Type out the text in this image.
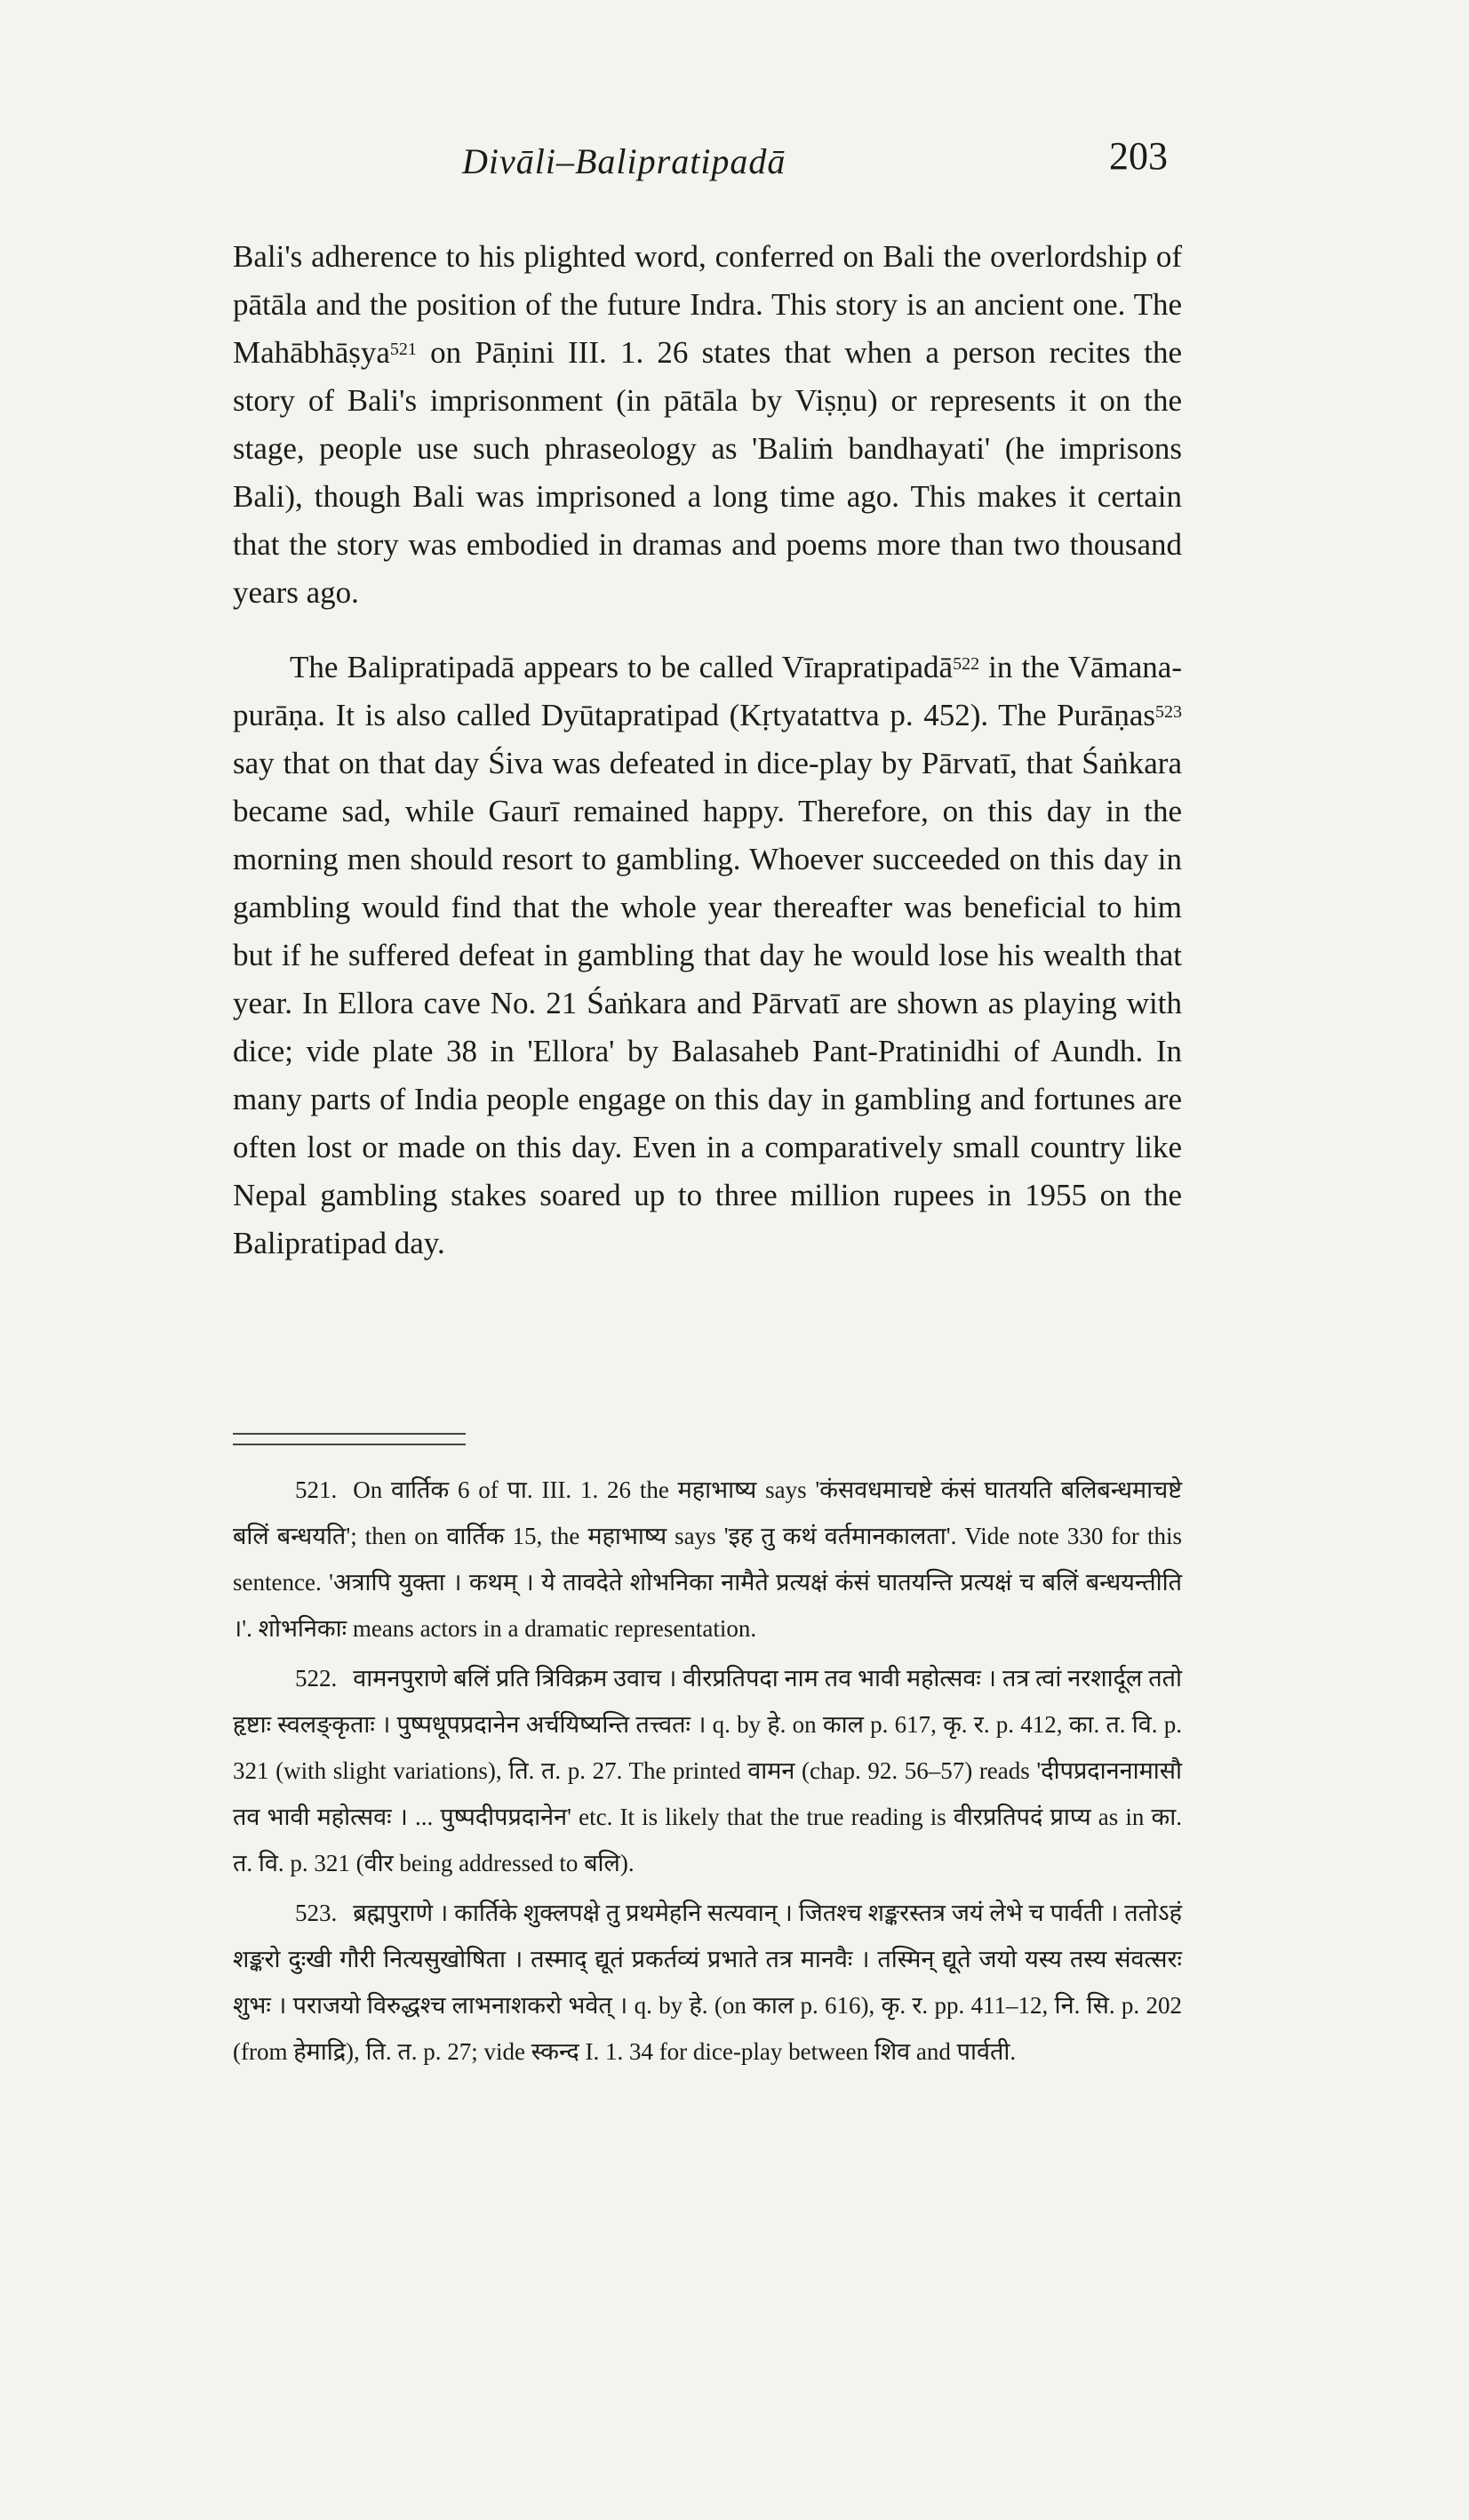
Divāli–Balipratipadā	203

Bali's adherence to his plighted word, conferred on Bali the overlordship of pātāla and the position of the future Indra. This story is an ancient one. The Mahābhāṣya$^{521}$ on Pāṇini III. 1. 26 states that when a person recites the story of Bali's imprisonment (in pātāla by Viṣṇu) or represents it on the stage, people use such phraseology as 'Baliṁ bandhayati' (he imprisons Bali), though Bali was imprisoned a long time ago. This makes it certain that the story was embodied in dramas and poems more than two thousand years ago.

The Balipratipadā appears to be called Vīrapratipadā$^{522}$ in the Vāmana-purāṇa. It is also called Dyūtapratipad (Kṛtyatattva p. 452). The Purāṇas$^{523}$ say that on that day Śiva was defeated in dice-play by Pārvatī, that Śaṅkara became sad, while Gaurī remained happy. Therefore, on this day in the morning men should resort to gambling. Whoever succeeded on this day in gambling would find that the whole year thereafter was beneficial to him but if he suffered defeat in gambling that day he would lose his wealth that year. In Ellora cave No. 21 Śaṅkara and Pārvatī are shown as playing with dice; vide plate 38 in 'Ellora' by Balasaheb Pant-Pratinidhi of Aundh. In many parts of India people engage on this day in gambling and fortunes are often lost or made on this day. Even in a comparatively small country like Nepal gambling stakes soared up to three million rupees in 1955 on the Balipratipad day.

521. On वार्तिक 6 of पा. III. 1. 26 the महाभाष्य says 'कंसवधमाचष्टे कंसं घातयति बलिबन्धमाचष्टे बलिं बन्धयति'; then on वार्तिक 15, the महाभाष्य says 'इह तु कथं वर्तमानकालता'. Vide note 330 for this sentence. 'अत्रापि युक्ता । कथम् । ये तावदेते शोभनिका नामैते प्रत्यक्षं कंसं घातयन्ति प्रत्यक्षं च बलिं बन्धयन्तीति ।'. शोभनिकाः means actors in a dramatic representation.

522. वामनपुराणे बलिं प्रति त्रिविक्रम उवाच । वीरप्रतिपदा नाम तव भावी महोत्सवः । तत्र त्वां नरशार्दूल ततो हृष्टाः स्वलङ्कृताः । पुष्पधूपप्रदानेन अर्चयिष्यन्ति तत्त्वतः । q. by हे. on काल p. 617, कृ. र. p. 412, का. त. वि. p. 321 (with slight variations), ति. त. p. 27. The printed वामन (chap. 92. 56–57) reads 'दीपप्रदाननामासौ तव भावी महोत्सवः । ... पुष्पदीपप्रदानेन' etc. It is likely that the true reading is वीरप्रतिपदं प्राप्य as in का. त. वि. p. 321 (वीर being addressed to बलि).

523. ब्रह्मपुराणे । कार्तिके शुक्लपक्षे तु प्रथमेहनि सत्यवान् । जितश्च शङ्करस्तत्र जयं लेभे च पार्वती । ततोऽहं शङ्करो दुःखी गौरी नित्यसुखोषिता । तस्माद् द्यूतं प्रकर्तव्यं प्रभाते तत्र मानवैः । तस्मिन् द्यूते जयो यस्य तस्य संवत्सरः शुभः । पराजयो विरुद्धश्च लाभनाशकरो भवेत् । q. by हे. (on काल p. 616), कृ. र. pp. 411–12, नि. सि. p. 202 (from हेमाद्रि), ति. त. p. 27; vide स्कन्द I. 1. 34 for dice-play between शिव and पार्वती.
